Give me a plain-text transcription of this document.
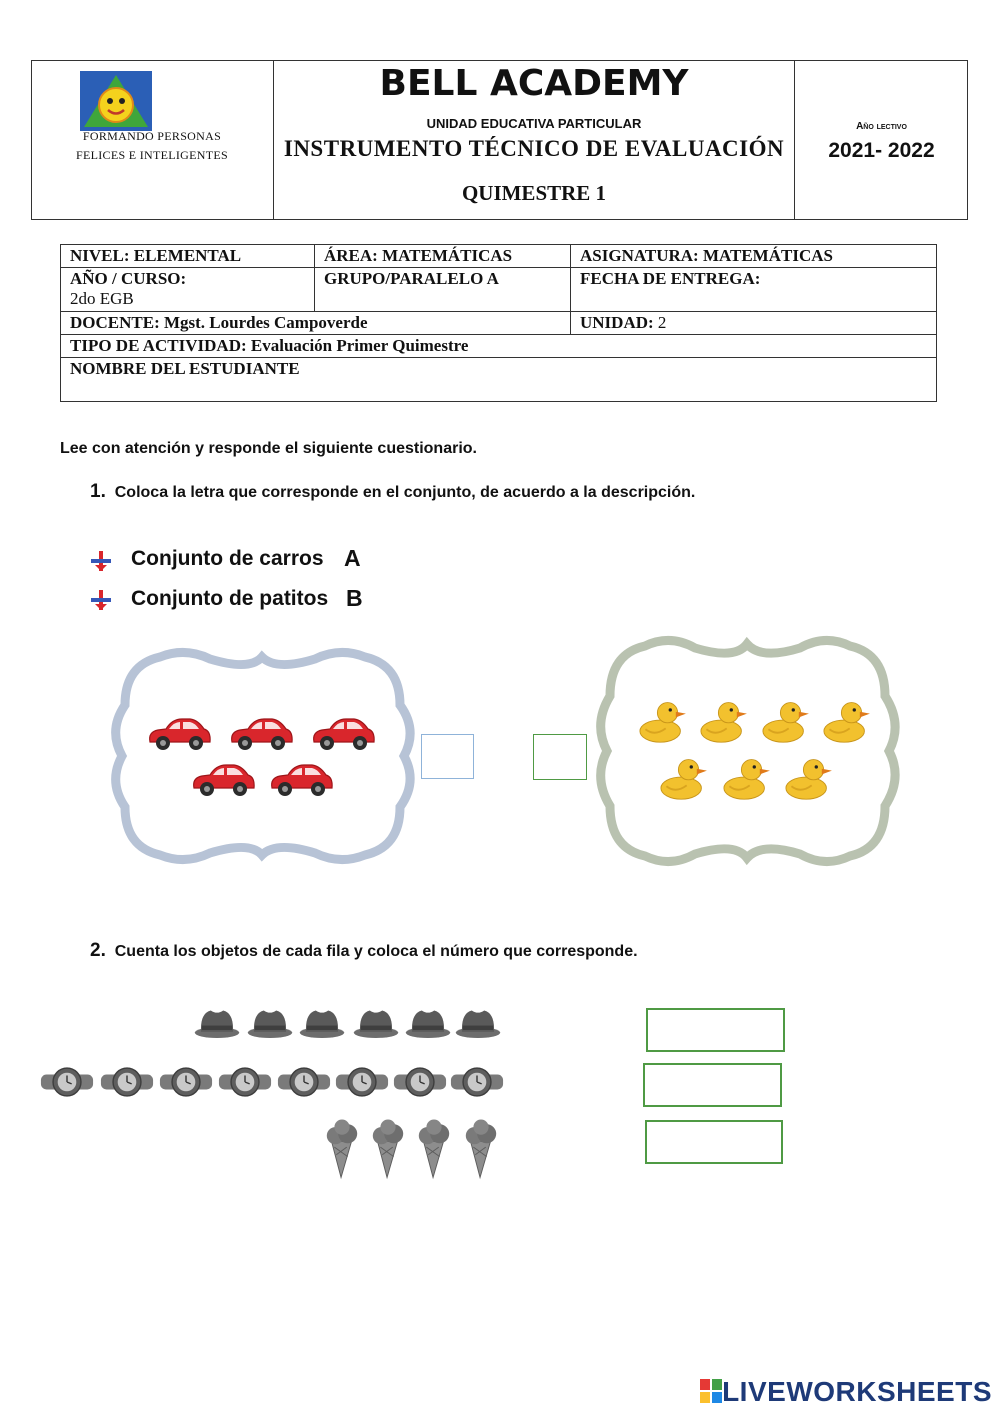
FORMANDO PERSONAS
FELICES E INTELIGENTES
BELL ACADEMY
UNIDAD EDUCATIVA PARTICULAR
INSTRUMENTO TÉCNICO DE EVALUACIÓN
QUIMESTRE 1
Año lectivo
2021- 2022
NIVEL: ELEMENTAL	ÁREA: MATEMÁTICAS	ASIGNATURA: MATEMÁTICAS
AÑO / CURSO:
2do EGB	GRUPO/PARALELO A	FECHA DE ENTREGA:
DOCENTE: Mgst. Lourdes Campoverde		UNIDAD: 2
TIPO DE ACTIVIDAD: Evaluación Primer Quimestre		
NOMBRE DEL ESTUDIANTE		
Lee con atención y responde el siguiente cuestionario.
1. Coloca la letra que corresponde en el conjunto, de acuerdo a la descripción.
Conjunto de carros A
Conjunto de patitos B
2. Cuenta los objetos de cada fila y coloca el número que corresponde.
LIVEWORKSHEETS
